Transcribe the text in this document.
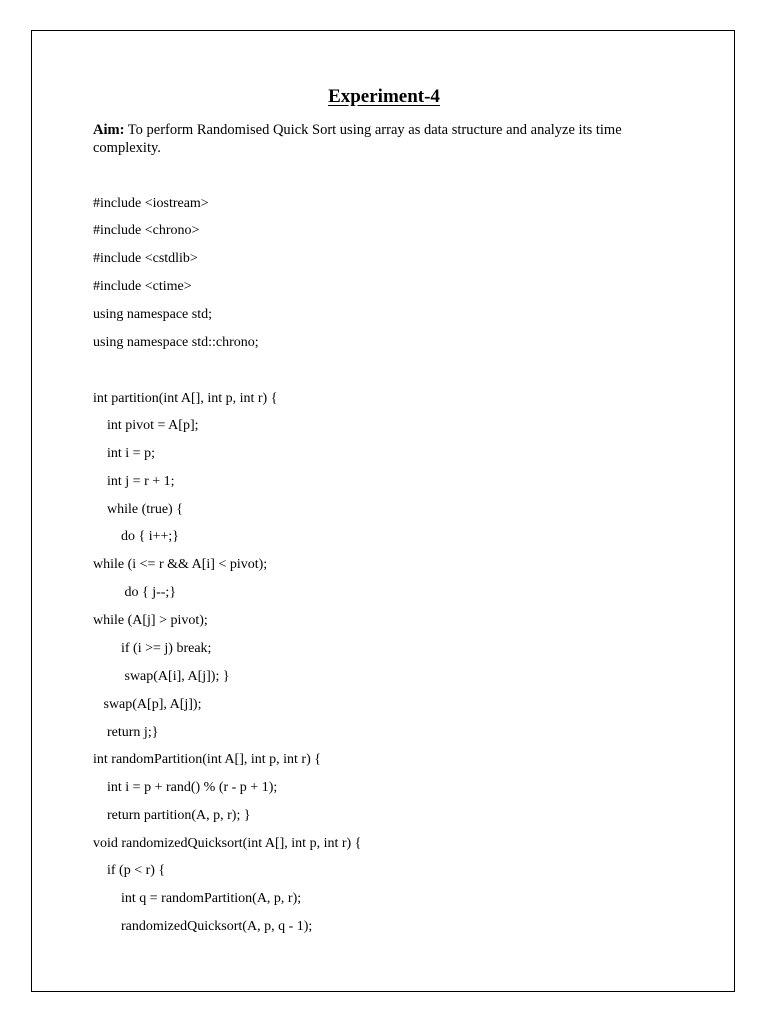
Experiment-4
Aim: To perform Randomised Quick Sort using array as data structure and analyze its time complexity.
#include <iostream>
#include <chrono>
#include <cstdlib>
#include <ctime>
using namespace std;
using namespace std::chrono;
int partition(int A[], int p, int r) {
int pivot = A[p];
int i = p;
int j = r + 1;
while (true) {
do { i++;}
while (i <= r && A[i] < pivot);
do { j--;}
while (A[j] > pivot);
if (i >= j) break;
swap(A[i], A[j]); }
swap(A[p], A[j]);
return j;}
int randomPartition(int A[], int p, int r) {
int i = p + rand() % (r - p + 1);
return partition(A, p, r); }
void randomizedQuicksort(int A[], int p, int r) {
if (p < r) {
int q = randomPartition(A, p, r);
randomizedQuicksort(A, p, q - 1);
